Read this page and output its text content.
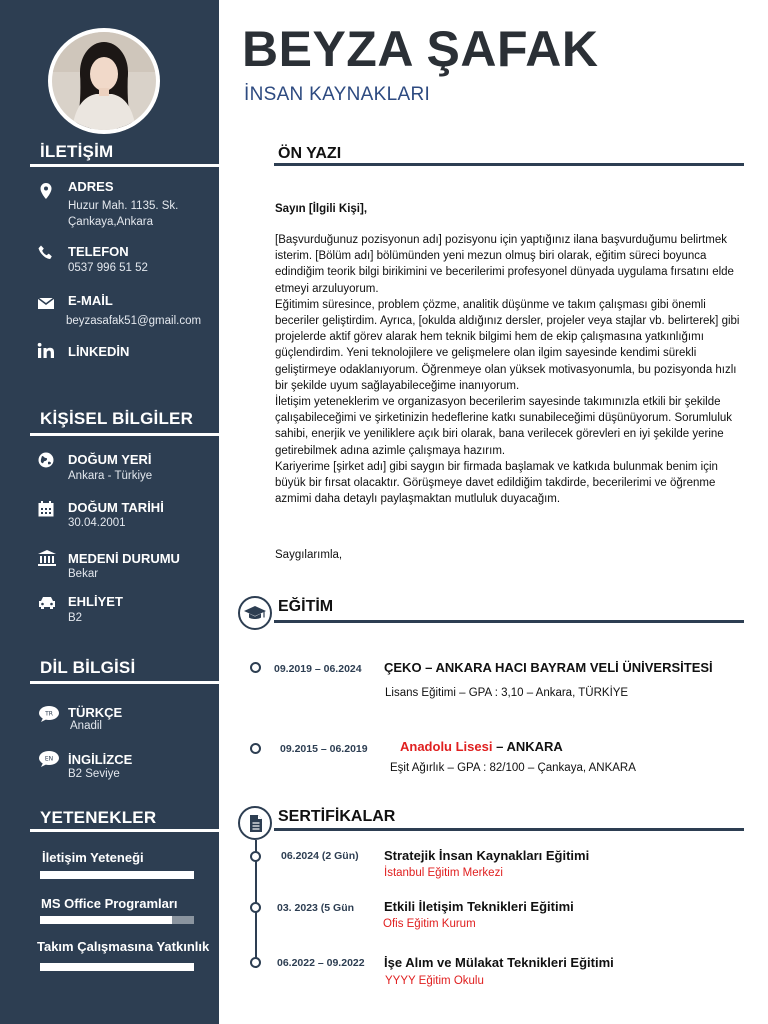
İLETİŞİM
ADRES
Huzur Mah. 1135. Sk.
Çankaya,Ankara
TELEFON
0537 996 51 52
E-MAİL
beyzasafak51@gmail.com
LİNKEDİN
KİŞİSEL BİLGİLER
DOĞUM YERİ
Ankara - Türkiye
DOĞUM TARİHİ
30.04.2001
MEDENİ DURUMU
Bekar
EHLİYET
B2
DİL BİLGİSİ
TR TÜRKÇE
Anadil
EN İNGİLİZCE
B2 Seviye
YETENEKLER
İletişim Yeteneği
MS Office Programları
Takım Çalışmasına Yatkınlık
BEYZA ŞAFAK
İNSAN KAYNAKLARI
ÖN YAZI

Sayın [İlgili Kişi],

[Başvurduğunuz pozisyonun adı] pozisyonu için yaptığınız ilana başvurduğumu belirtmek isterim. [Bölüm adı] bölümünden yeni mezun olmuş biri olarak, eğitim süreci boyunca edindiğim teorik bilgi birikimini ve becerilerimi profesyonel dünyada uygulama fırsatını elde etmeyi arzuluyorum.

Eğitimim süresince, problem çözme, analitik düşünme ve takım çalışması gibi önemli beceriler geliştirdim. Ayrıca, [okulda aldığınız dersler, projeler veya stajlar vb. belirterek] gibi projelerde aktif görev alarak hem teknik bilgimi hem de ekip çalışmasına yatkınlığımı güçlendirdim. Yeni teknolojilere ve gelişmelere olan ilgim sayesinde kendimi sürekli geliştirmeye odaklanıyorum. Öğrenmeye olan yüksek motivasyonumla, bu pozisyonda hızlı bir şekilde uyum sağlayabileceğime inanıyorum.

İletişim yeteneklerim ve organizasyon becerilerim sayesinde takımınızla etkili bir şekilde çalışabileceğimi ve şirketinizin hedeflerine katkı sunabileceğimi düşünüyorum. Sorumluluk sahibi, enerjik ve yeniliklere açık biri olarak, bana verilecek görevleri en iyi şekilde yerine getirebilmek adına azimle çalışmaya hazırım.

Kariyerime [şirket adı] gibi saygın bir firmada başlamak ve katkıda bulunmak benim için büyük bir fırsat olacaktır. Görüşmeye davet edildiğim takdirde, becerilerimi ve öğrenme azmimi daha detaylı paylaşmaktan mutluluk duyacağım.

Saygılarımla,

EĞİTİM
09.2019 – 06.2024 ÇEKO – ANKARA HACI BAYRAM VELİ ÜNİVERSİTESİ
Lisans Eğitimi – GPA : 3,10 – Ankara, TÜRKİYE
09.2015 – 06.2019 Anadolu Lisesi – ANKARA
Eşit Ağırlık – GPA : 82/100 – Çankaya, ANKARA
SERTİFİKALAR
06.2024 (2 Gün) Stratejik İnsan Kaynakları Eğitimi
İstanbul Eğitim Merkezi
03. 2023 (5 Gün Etkili İletişim Teknikleri Eğitimi
Ofis Eğitim Kurum
06.2022 – 09.2022 İşe Alım ve Mülakat Teknikleri Eğitimi
YYYY Eğitim Okulu
